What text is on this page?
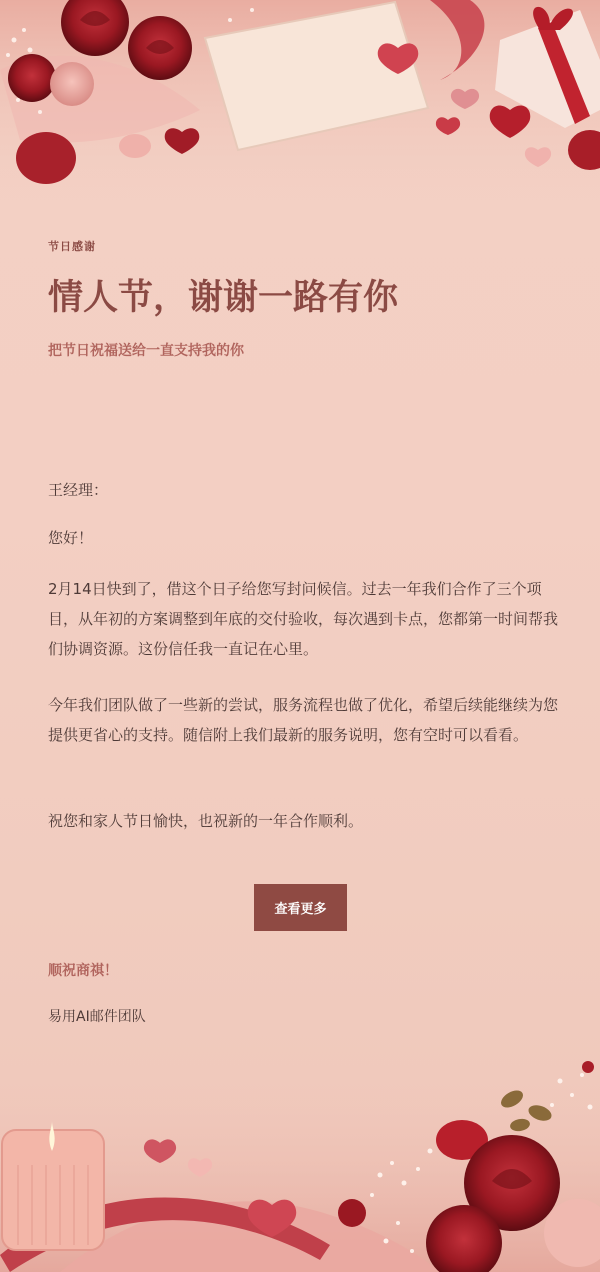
节日感谢
情人节，谢谢一路有你
把节日祝福送给一直支持我的你
王经理：
您好！
2月14日快到了，借这个日子给您写封问候信。过去一年我们合作了三个项目，从年初的方案调整到年底的交付验收，每次遇到卡点，您都第一时间帮我们协调资源。这份信任我一直记在心里。
今年我们团队做了一些新的尝试，服务流程也做了优化，希望后续能继续为您提供更省心的支持。随信附上我们最新的服务说明，您有空时可以看看。
祝您和家人节日愉快，也祝新的一年合作顺利。
查看更多
顺祝商祺！
易用AI邮件团队
